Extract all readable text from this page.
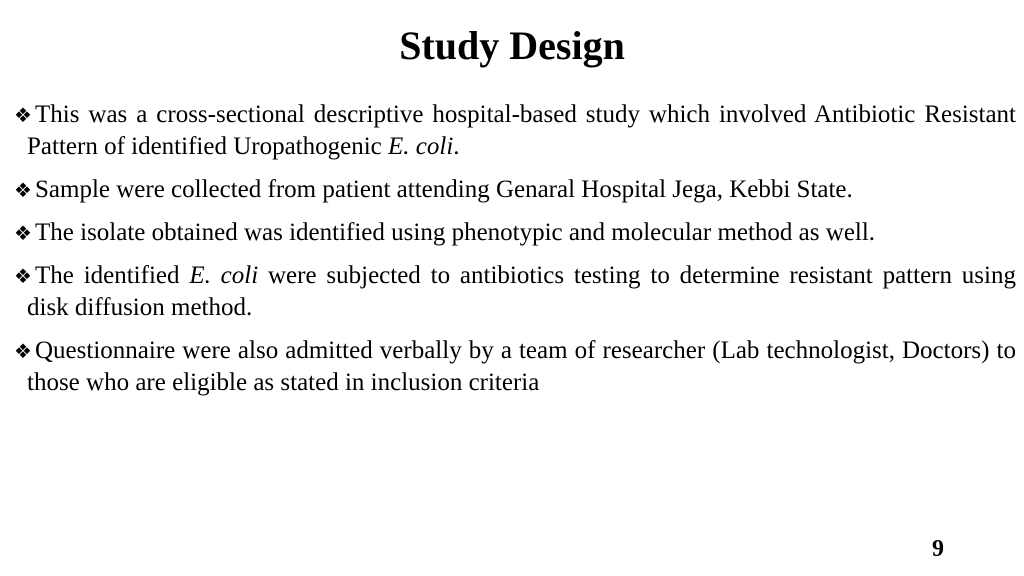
Study Design
❖ This was a cross-sectional descriptive hospital-based study which involved Antibiotic Resistant Pattern of identified Uropathogenic E. coli.
❖ Sample were collected from patient attending Genaral Hospital Jega, Kebbi State.
❖ The isolate obtained was identified using phenotypic and molecular method as well.
❖ The identified E. coli were subjected to antibiotics testing to determine resistant pattern using disk diffusion method.
❖ Questionnaire were also admitted verbally by a team of researcher (Lab technologist, Doctors) to those who are eligible as stated in inclusion criteria
9
